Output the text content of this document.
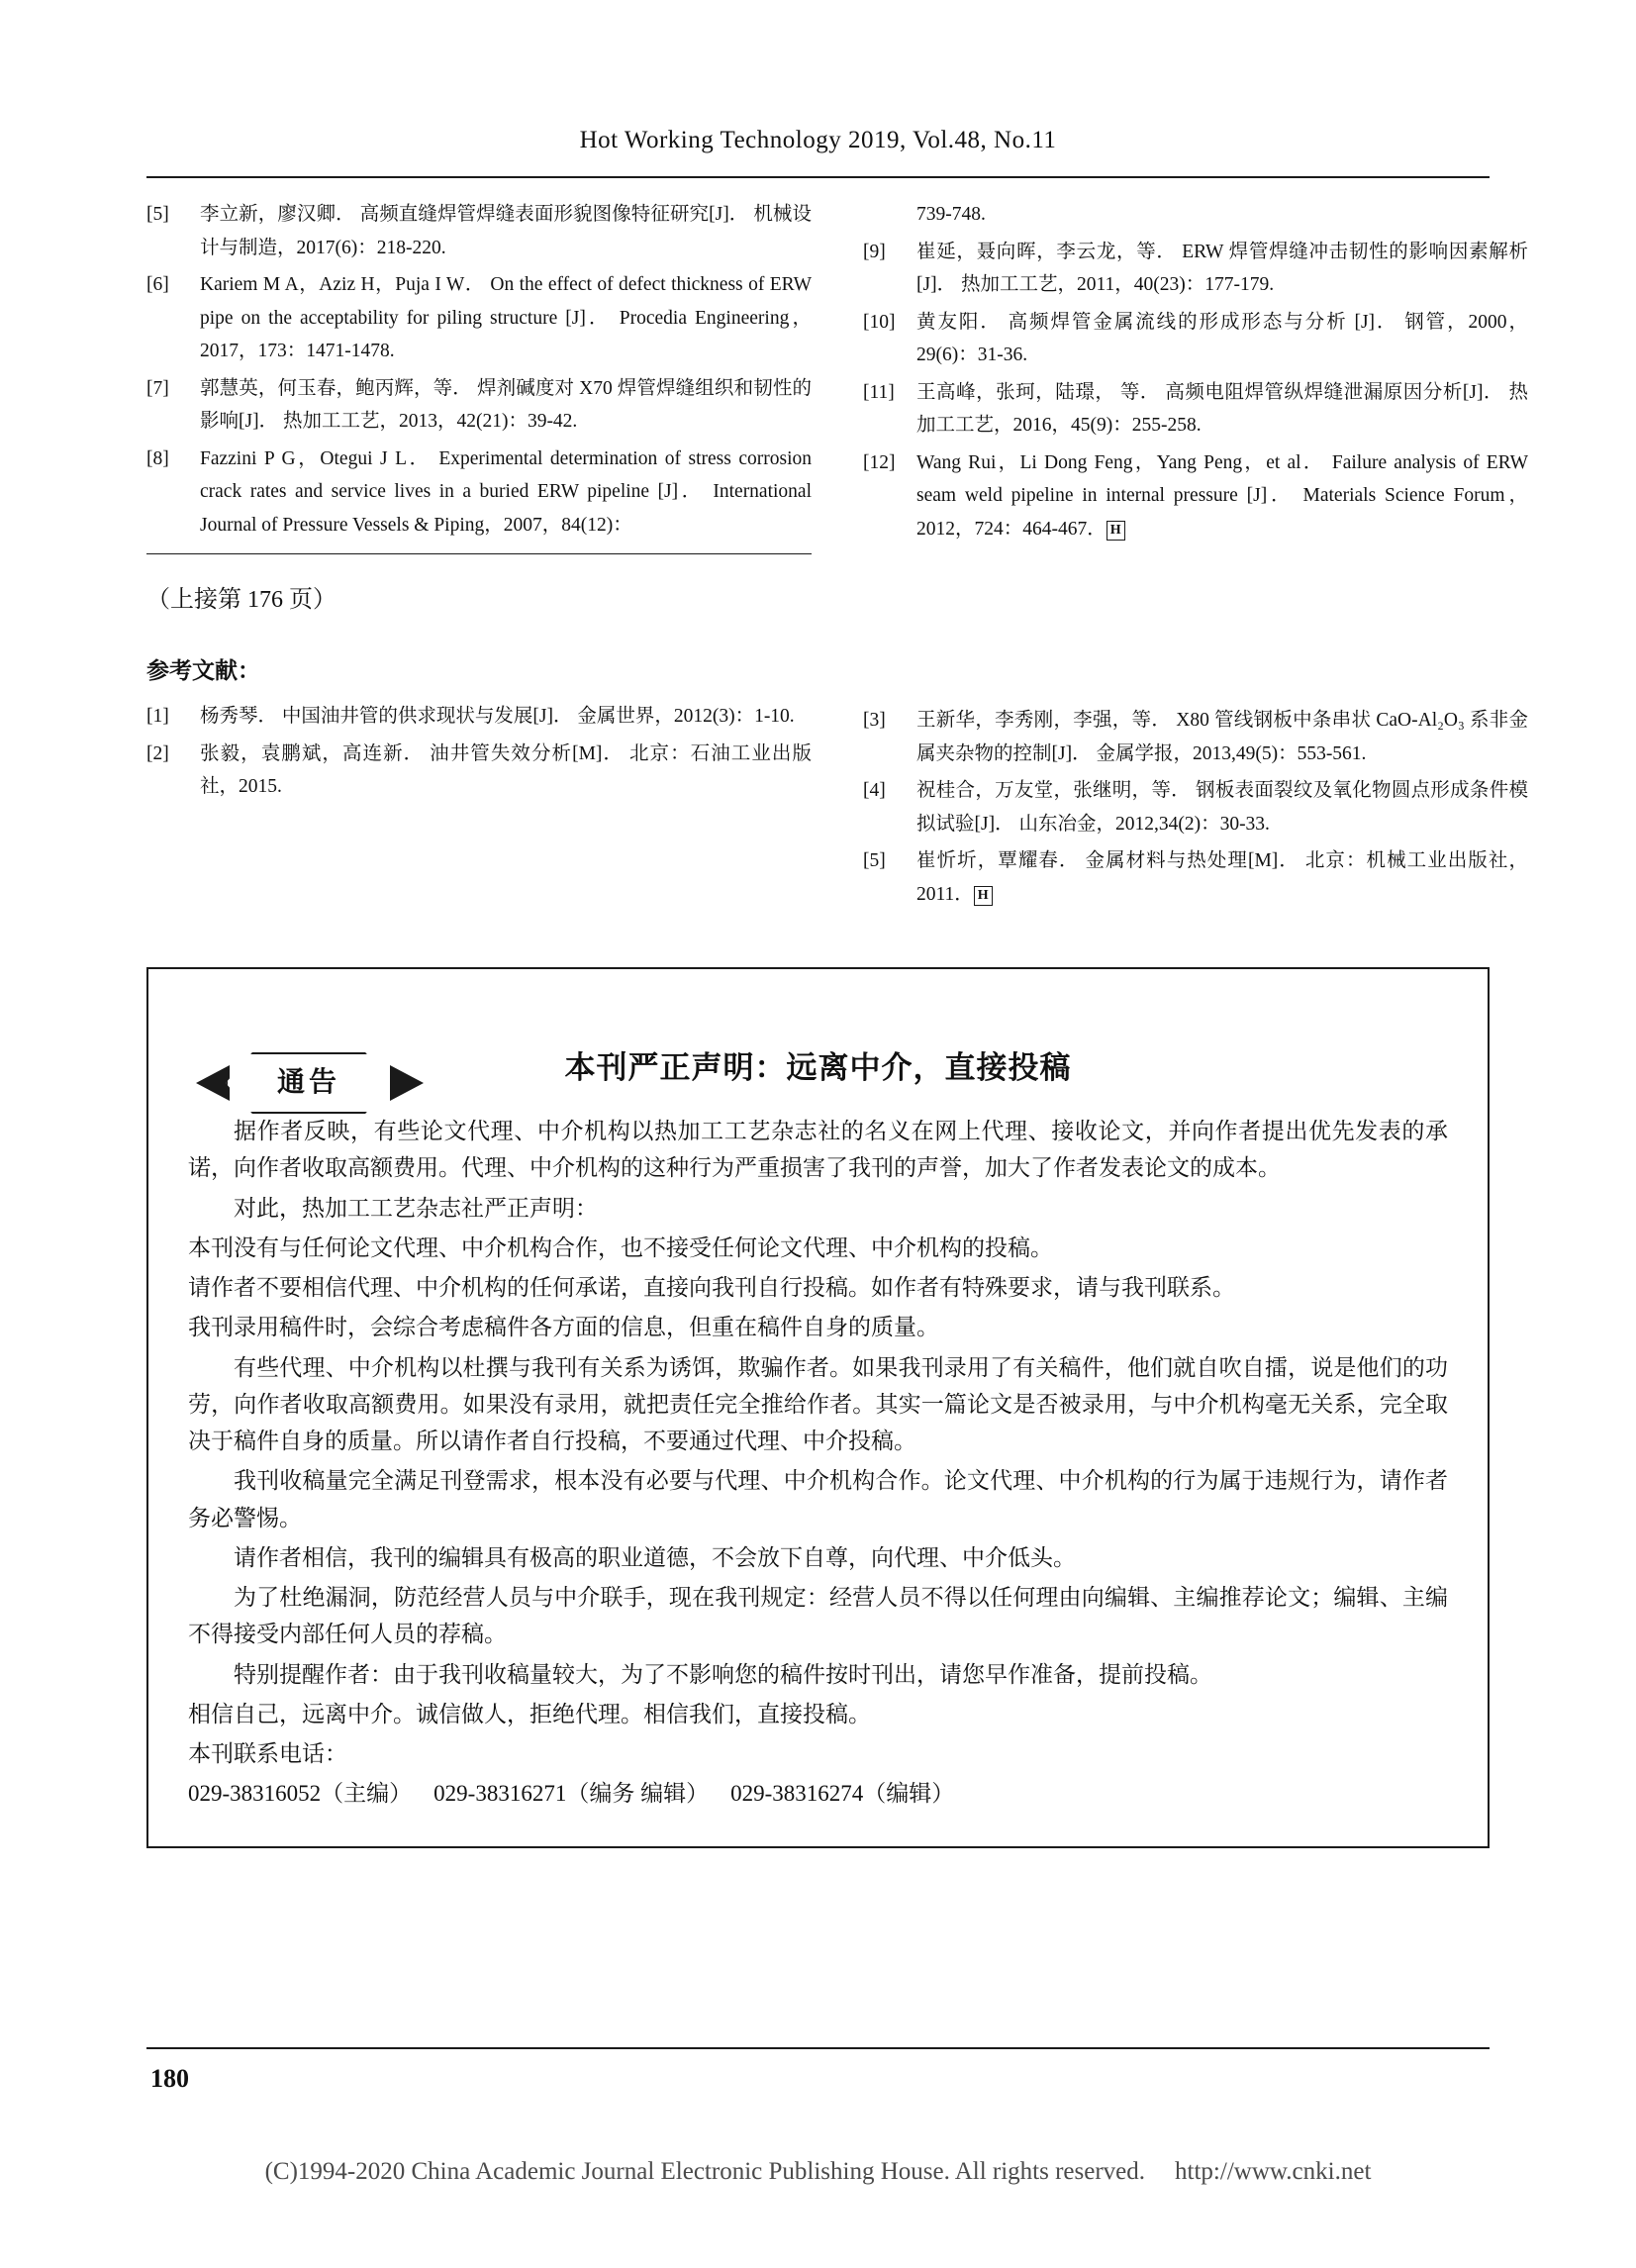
Hot Working Technology 2019, Vol.48, No.11
[5]	李立新，廖汉卿． 高频直缝焊管焊缝表面形貌图像特征研究[J]． 机械设计与制造，2017(6)：218-220.
[6]	Kariem M A，Aziz H，Puja I W． On the effect of defect thickness of ERW pipe on the acceptability for piling structure [J]． Procedia Engineering，2017，173：1471-1478.
[7]	郭慧英，何玉春，鲍丙辉，等． 焊剂碱度对 X70 焊管焊缝组织和韧性的影响[J]． 热加工工艺，2013，42(21)：39-42.
[8]	Fazzini P G，Otegui J L． Experimental determination of stress corrosion crack rates and service lives in a buried ERW pipeline [J]． International Journal of Pressure Vessels & Piping，2007，84(12)：
（上接第 176 页）
参考文献：
[1]	杨秀琴． 中国油井管的供求现状与发展[J]． 金属世界，2012(3)：1-10.
[2]	张毅，袁鹏斌，高连新． 油井管失效分析[M]． 北京：石油工业出版社，2015.
739-748.
[9]	崔延，聂向晖，李云龙，等． ERW 焊管焊缝冲击韧性的影响因素解析[J]． 热加工工艺，2011，40(23)：177-179.
[10]	黄友阳． 高频焊管金属流线的形成形态与分析 [J]． 钢管，2000，29(6)：31-36.
[11]	王高峰，张珂，陆璟， 等． 高频电阻焊管纵焊缝泄漏原因分析[J]． 热加工工艺，2016，45(9)：255-258.
[12]	Wang Rui，Li Dong Feng，Yang Peng，et al． Failure analysis of ERW seam weld pipeline in internal pressure [J]． Materials Science Forum，2012，724：464-467． H
[3]	王新华，李秀刚，李强，等． X80 管线钢板中条串状 CaO-Al₂O₃ 系非金属夹杂物的控制[J]． 金属学报，2013,49(5)：553-561.
[4]	祝桂合，万友堂，张继明，等． 钢板表面裂纹及氧化物圆点形成条件模拟试验[J]． 山东冶金，2012,34(2)：30-33.
[5]	崔忻圻，覃耀春． 金属材料与热处理[M]． 北京：机械工业出版社，2011． H
通告	本刊严正声明：远离中介，直接投稿

据作者反映，有些论文代理、中介机构以热加工工艺杂志社的名义在网上代理、接收论文，并向作者提出优先发表的承诺，向作者收取高额费用。代理、中介机构的这种行为严重损害了我刊的声誉，加大了作者发表论文的成本。

对此，热加工工艺杂志社严正声明：

本刊没有与任何论文代理、中介机构合作，也不接受任何论文代理、中介机构的投稿。

请作者不要相信代理、中介机构的任何承诺，直接向我刊自行投稿。如作者有特殊要求，请与我刊联系。

我刊录用稿件时，会综合考虑稿件各方面的信息，但重在稿件自身的质量。

有些代理、中介机构以杜撰与我刊有关系为诱饵，欺骗作者。如果我刊录用了有关稿件，他们就自吹自擂，说是他们的功劳，向作者收取高额费用。如果没有录用，就把责任完全推给作者。其实一篇论文是否被录用，与中介机构毫无关系，完全取决于稿件自身的质量。所以请作者自行投稿，不要通过代理、中介投稿。

我刊收稿量完全满足刊登需求，根本没有必要与代理、中介机构合作。论文代理、中介机构的行为属于违规行为，请作者务必警惕。

请作者相信，我刊的编辑具有极高的职业道德，不会放下自尊，向代理、中介低头。

为了杜绝漏洞，防范经营人员与中介联手，现在我刊规定：经营人员不得以任何理由向编辑、主编推荐论文；编辑、主编不得接受内部任何人员的荐稿。

特别提醒作者：由于我刊收稿量较大，为了不影响您的稿件按时刊出，请您早作准备，提前投稿。

相信自己，远离中介。诚信做人，拒绝代理。相信我们，直接投稿。

本刊联系电话：

029-38316052（主编） 029-38316271（编务 编辑） 029-38316274（编辑）
180
(C)1994-2020 China Academic Journal Electronic Publishing House. All rights reserved. http://www.cnki.net
